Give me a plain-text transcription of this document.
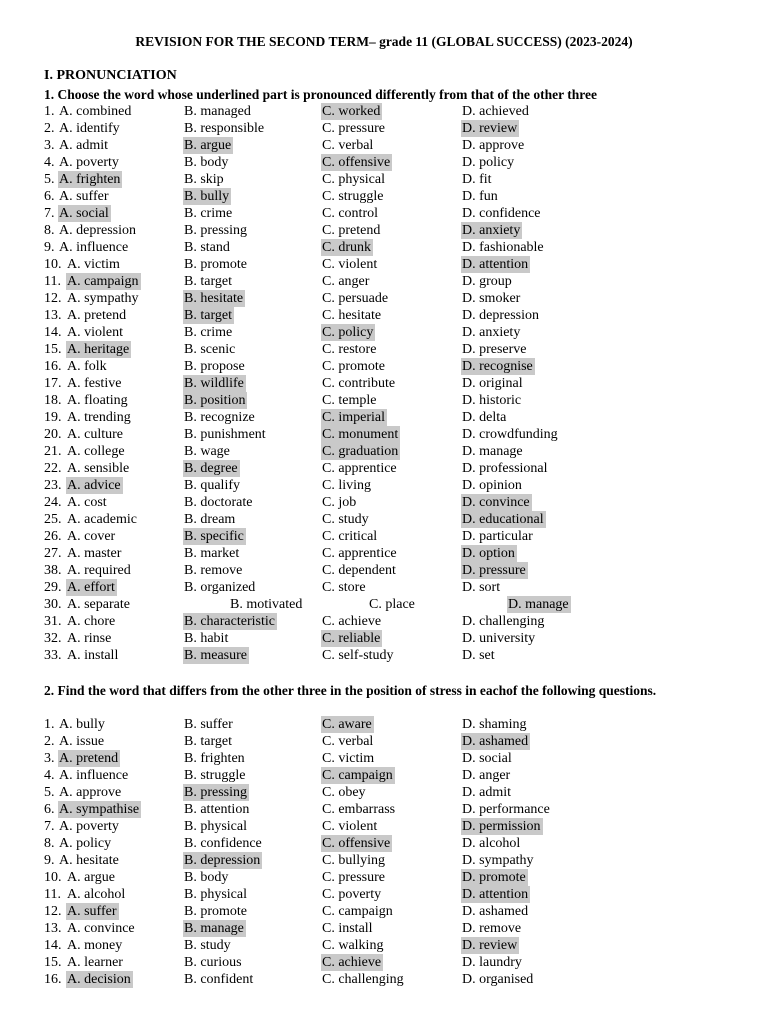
REVISION FOR THE SECOND TERM– grade 11 (GLOBAL SUCCESS) (2023-2024)
I. PRONUNCIATION
1. Choose the word whose underlined part is pronounced differently from that of the other three
1. A. combined	B. managed	C. worked	D. achieved
2. A. identify	B. responsible	C. pressure	D. review
3. A. admit	B. argue	C. verbal	D. approve
4. A. poverty	B. body	C. offensive	D. policy
5. A. frighten	B. skip	C. physical	D. fit
6. A. suffer	B. bully	C. struggle	D. fun
7. A. social	B. crime	C. control	D. confidence
8. A. depression	B. pressing	C. pretend	D. anxiety
9. A. influence	B. stand	C. drunk	D. fashionable
10. A. victim	B. promote	C. violent	D. attention
11. A. campaign	B. target	C. anger	D. group
12. A. sympathy	B. hesitate	C. persuade	D. smoker
13. A. pretend	B. target	C. hesitate	D. depression
14. A. violent	B. crime	C. policy	D. anxiety
15. A. heritage	B. scenic	C. restore	D. preserve
16. A. folk	B. propose	C. promote	D. recognise
17. A. festive	B. wildlife	C. contribute	D. original
18. A. floating	B. position	C. temple	D. historic
19. A. trending	B. recognize	C. imperial	D. delta
20. A. culture	B. punishment	C. monument	D. crowdfunding
21. A. college	B. wage	C. graduation	D. manage
22. A. sensible	B. degree	C. apprentice	D. professional
23. A. advice	B. qualify	C. living	D. opinion
24. A. cost	B. doctorate	C. job	D. convince
25. A. academic	B. dream	C. study	D. educational
26. A. cover	B. specific	C. critical	D. particular
27. A. master	B. market	C. apprentice	D. option
38. A. required	B. remove	C. dependent	D. pressure
29. A. effort	B. organized	C. store	D. sort
30. A. separate	B. motivated	C. place	D. manage
31. A. chore	B. characteristic	C. achieve	D. challenging
32. A. rinse	B. habit	C. reliable	D. university
33. A. install	B. measure	C. self-study	D. set
2. Find the word that differs from the other three in the position of stress in eachof the following questions.
1. A. bully	B. suffer	C. aware	D. shaming
2. A. issue	B. target	C. verbal	D. ashamed
3. A. pretend	B. frighten	C. victim	D. social
4. A. influence	B. struggle	C. campaign	D. anger
5. A. approve	B. pressing	C. obey	D. admit
6. A. sympathise	B. attention	C. embarrass	D. performance
7. A. poverty	B. physical	C. violent	D. permission
8. A. policy	B. confidence	C. offensive	D. alcohol
9. A. hesitate	B. depression	C. bullying	D. sympathy
10. A. argue	B. body	C. pressure	D. promote
11. A. alcohol	B. physical	C. poverty	D. attention
12. A. suffer	B. promote	C. campaign	D. ashamed
13. A. convince	B. manage	C. install	D. remove
14. A. money	B. study	C. walking	D. review
15. A. learner	B. curious	C. achieve	D. laundry
16. A. decision	B. confident	C. challenging	D. organised
